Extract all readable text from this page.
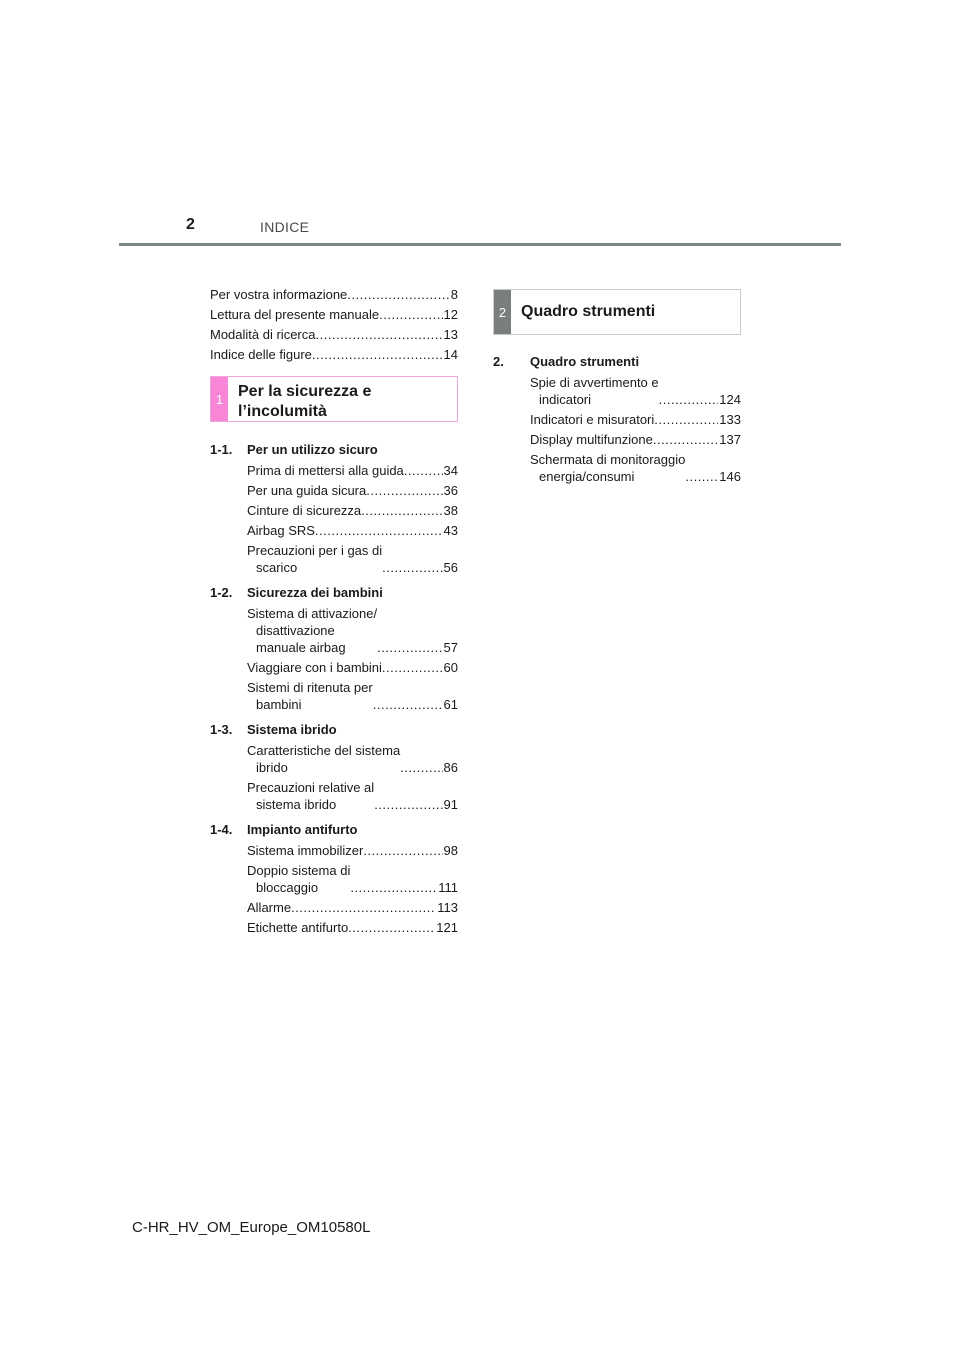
2	INDICE
Per vostra informazione .....	8
Lettura del presente manuale .....	12
Modalità di ricerca .....	13
Indice delle figure .....	14
1 Per la sicurezza e
l’incolumità
1-1.	Per un utilizzo sicuro
Prima di mettersi alla guida .....	34
Per una guida sicura .....	36
Cinture di sicurezza .....	38
Airbag SRS .....	43
Precauzioni per i gas di
scarico .....	56
1-2.	Sicurezza dei bambini
Sistema di attivazione/
disattivazione
manuale airbag .....	57
Viaggiare con i bambini .....	60
Sistemi di ritenuta per
bambini .....	61
1-3.	Sistema ibrido
Caratteristiche del sistema
ibrido .....	86
Precauzioni relative al
sistema ibrido .....	91
1-4.	Impianto antifurto
Sistema immobilizer .....	98
Doppio sistema di
bloccaggio .....	111
Allarme .....	113
Etichette antifurto .....	121
2 Quadro strumenti
2.	Quadro strumenti
Spie di avvertimento e
indicatori .....	124
Indicatori e misuratori .....	133
Display multifunzione .....	137
Schermata di monitoraggio
energia/consumi .....	146
C-HR_HV_OM_Europe_OM10580L
